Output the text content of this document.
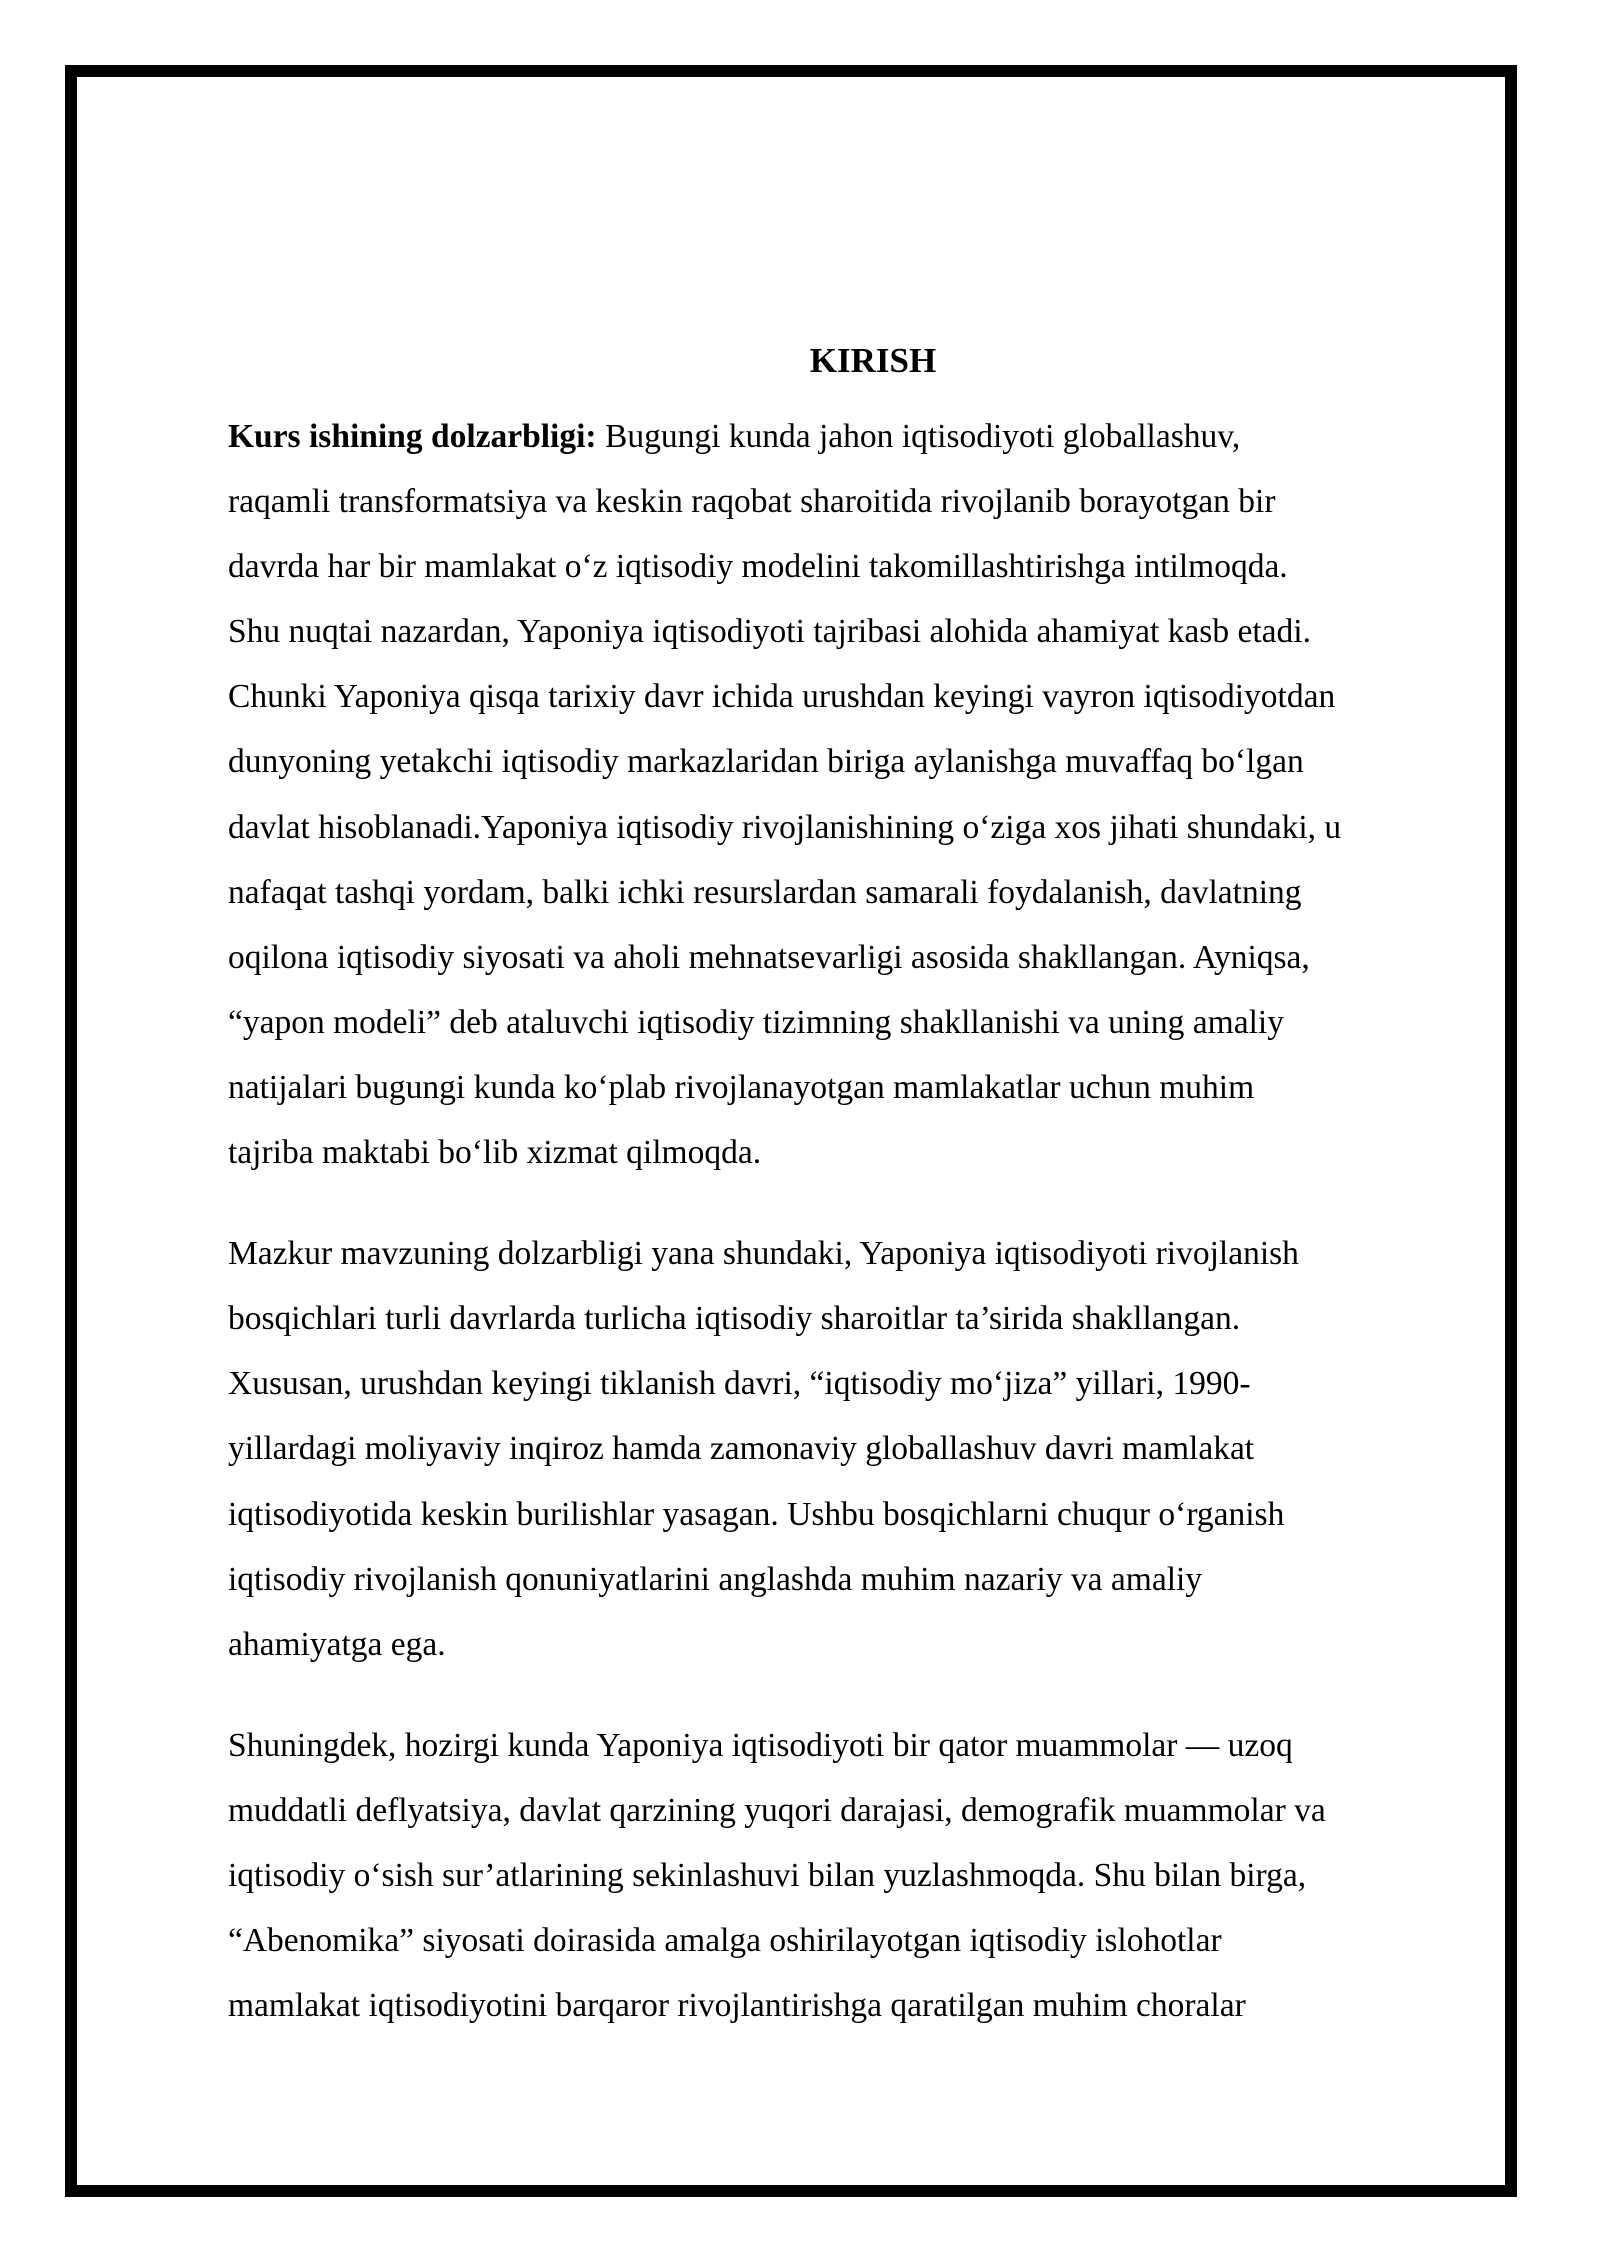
KIRISH
Kurs ishining dolzarbligi: Bugungi kunda jahon iqtisodiyoti globallashuv,
raqamli transformatsiya va keskin raqobat sharoitida rivojlanib borayotgan bir
davrda har bir mamlakat o‘z iqtisodiy modelini takomillashtirishga intilmoqda.
Shu nuqtai nazardan, Yaponiya iqtisodiyoti tajribasi alohida ahamiyat kasb etadi.
Chunki Yaponiya qisqa tarixiy davr ichida urushdan keyingi vayron iqtisodiyotdan
dunyoning yetakchi iqtisodiy markazlaridan biriga aylanishga muvaffaq bo‘lgan
davlat hisoblanadi.Yaponiya iqtisodiy rivojlanishining o‘ziga xos jihati shundaki, u
nafaqat tashqi yordam, balki ichki resurslardan samarali foydalanish, davlatning
oqilona iqtisodiy siyosati va aholi mehnatsevarligi asosida shakllangan. Ayniqsa,
“yapon modeli” deb ataluvchi iqtisodiy tizimning shakllanishi va uning amaliy
natijalari bugungi kunda ko‘plab rivojlanayotgan mamlakatlar uchun muhim
tajriba maktabi bo‘lib xizmat qilmoqda.
Mazkur mavzuning dolzarbligi yana shundaki, Yaponiya iqtisodiyoti rivojlanish
bosqichlari turli davrlarda turlicha iqtisodiy sharoitlar ta’sirida shakllangan.
Xususan, urushdan keyingi tiklanish davri, “iqtisodiy mo‘jiza” yillari, 1990-
yillardagi moliyaviy inqiroz hamda zamonaviy globallashuv davri mamlakat
iqtisodiyotida keskin burilishlar yasagan. Ushbu bosqichlarni chuqur o‘rganish
iqtisodiy rivojlanish qonuniyatlarini anglashda muhim nazariy va amaliy
ahamiyatga ega.
Shuningdek, hozirgi kunda Yaponiya iqtisodiyoti bir qator muammolar — uzoq
muddatli deflyatsiya, davlat qarzining yuqori darajasi, demografik muammolar va
iqtisodiy o‘sish sur’atlarining sekinlashuvi bilan yuzlashmoqda. Shu bilan birga,
“Abenomika” siyosati doirasida amalga oshirilayotgan iqtisodiy islohotlar
mamlakat iqtisodiyotini barqaror rivojlantirishga qaratilgan muhim choralar
